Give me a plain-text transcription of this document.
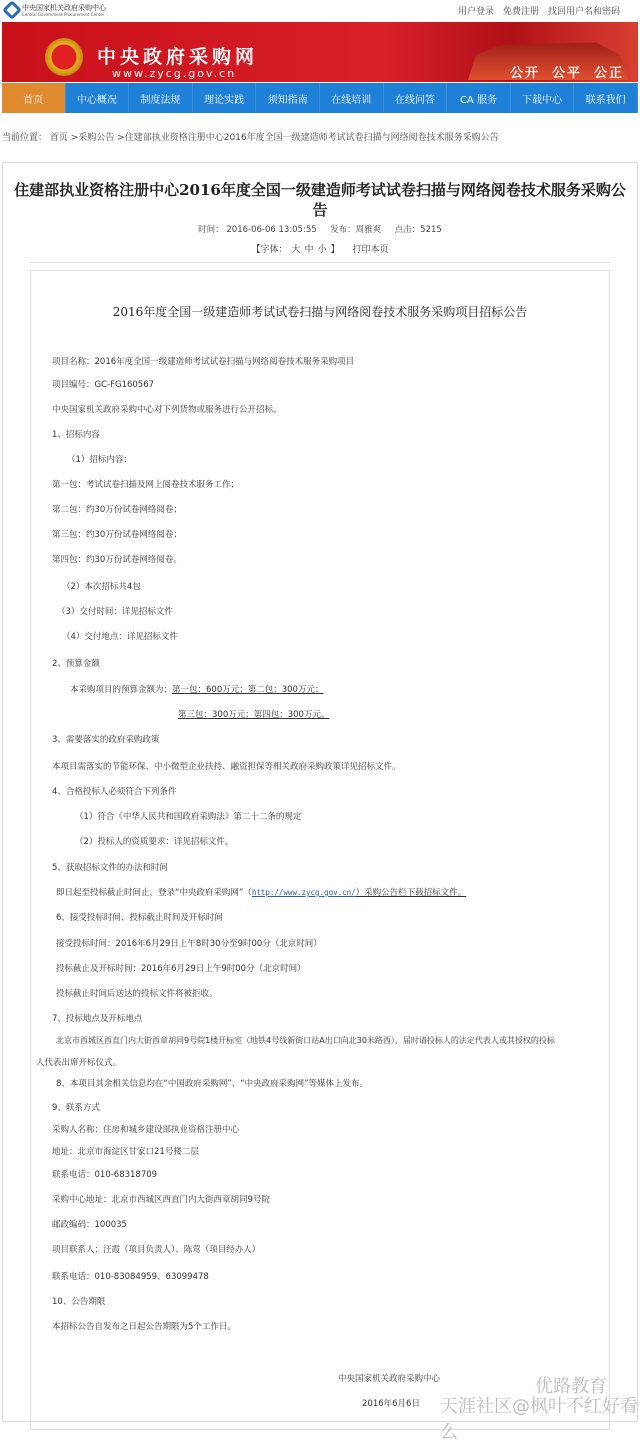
中央国家机关政府采购中心
Central Government Procurement Center	用户登录 免费注册 找回用户名和密码
中央政府采购网
www.zycg.gov.cn	公开 公平 公正
首页	中心概况	制度法规	理论实践	须知指南	在线培训	在线问答	CA 服务	下载中心	联系我们
当前位置： 首页 >采购公告 >住建部执业资格注册中心2016年度全国一级建造师考试试卷扫描与网络阅卷技术服务采购公告
住建部执业资格注册中心2016年度全国一级建造师考试试卷扫描与网络阅卷技术服务采购公告
时间： 2016-06-06 13:05:55     发布：周雅爽     点击：5215
【字体： 大 中 小 】 打印本页
2016年度全国一级建造师考试试卷扫描与网络阅卷技术服务采购项目招标公告
项目名称：2016年度全国一级建造师考试试卷扫描与网络阅卷技术服务采购项目
项目编号：GC-FG160567
中央国家机关政府采购中心对下列货物或服务进行公开招标。
1、招标内容
（1）招标内容：
第一包：考试试卷扫描及网上阅卷技术服务工作；
第二包：约30万份试卷网络阅卷；
第三包：约30万份试卷网络阅卷；
第四包：约30万份试卷网络阅卷。
（2）本次招标共4包
（3）交付时间：详见招标文件
（4）交付地点：详见招标文件
2、预算金额
本采购项目的预算金额为：第一包：600万元；第二包：300万元；
第三包：300万元；第四包：300万元。
3、需要落实的政府采购政策
本项目需落实的节能环保、中小微型企业扶持、融资担保等相关政府采购政策详见招标文件。
4、合格投标人必须符合下列条件
（1）符合《中华人民共和国政府采购法》第二十二条的规定
（2）投标人的资质要求：详见招标文件。
5、获取招标文件的办法和时间
即日起至投标截止时间止，登录“中央政府采购网”（http://www.zycg.gov.cn/）采购公告栏下载招标文件。
6、接受投标时间、投标截止时间及开标时间
接受投标时间：2016年6月29日上午8时30分至9时00分（北京时间）
投标截止及开标时间：2016年6月29日上午9时00分（北京时间）
投标截止时间后送达的投标文件将被拒收。
7、投标地点及开标地点
北京市西城区西直门内大街西章胡同9号院1楼开标室（地铁4号线新街口站A出口向北30米路西），届时请投标人的法定代表人或其授权的投标
人代表出席开标仪式。
8、本项目其余相关信息均在“中国政府采购网”、“中央政府采购网”等媒体上发布。
9、联系方式
采购人名称：住房和城乡建设部执业资格注册中心
地址：北京市海淀区甘家口21号楼二层
联系电话：010-68318709
采购中心地址：北京市西城区西直门内大街西章胡同9号院
邮政编码：100035
项目联系人：汪霞（项目负责人）、陈莺（项目经办人）
联系电话：010-83084959、63099478
10、公告期限
本招标公告自发布之日起公告期限为5个工作日。
中央国家机关政府采购中心
2016年6月6日
优路教育
天涯社区@枫叶不红好看么
